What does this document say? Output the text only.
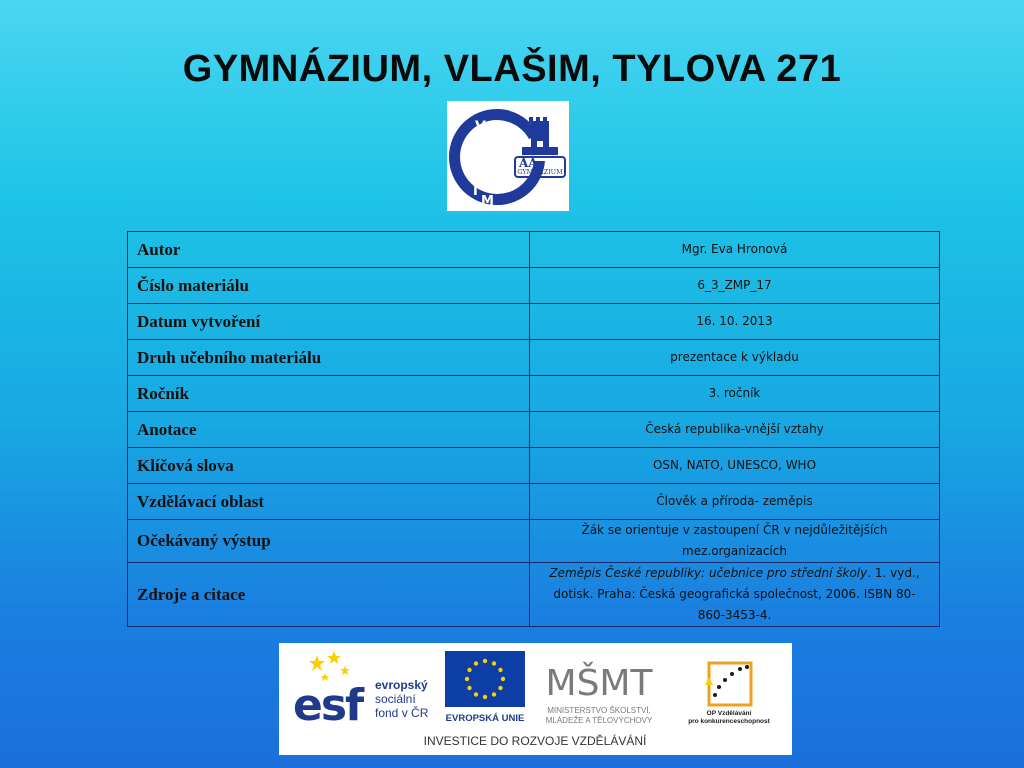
GYMNÁZIUM, VLAŠIM, TYLOVA 271
ĀĀ
GYMNÁZIUM
V
L
A
Š
I
M
Autor	Mgr. Eva Hronová
Číslo materiálu	6_3_ZMP_17
Datum vytvoření	16. 10. 2013
Druh učebního materiálu	prezentace k výkladu
Ročník	3. ročník
Anotace	Česká republika-vnější vztahy
Klíčová slova	OSN, NATO, UNESCO, WHO
Vzdělávací oblast	Člověk a příroda- zeměpis
Očekávaný výstup	Žák se orientuje v zastoupení ČR v nejdůležitějších mez.organizacích
Zdroje a citace	Zeměpis České republiky: učebnice pro střední školy. 1. vyd., dotisk. Praha: Česká geografická společnost, 2006. ISBN 80-860-3453-4.
esf evropský
sociální
fond v ČR EVROPSKÁ UNIE
MŠMT
MINISTERSTVO ŠKOLSTVÍ,
MLÁDEŽE A TĚLOVÝCHOVY
OP Vzdělávání
pro konkurenceschopnost
INVESTICE DO ROZVOJE VZDĚLÁVÁNÍ
